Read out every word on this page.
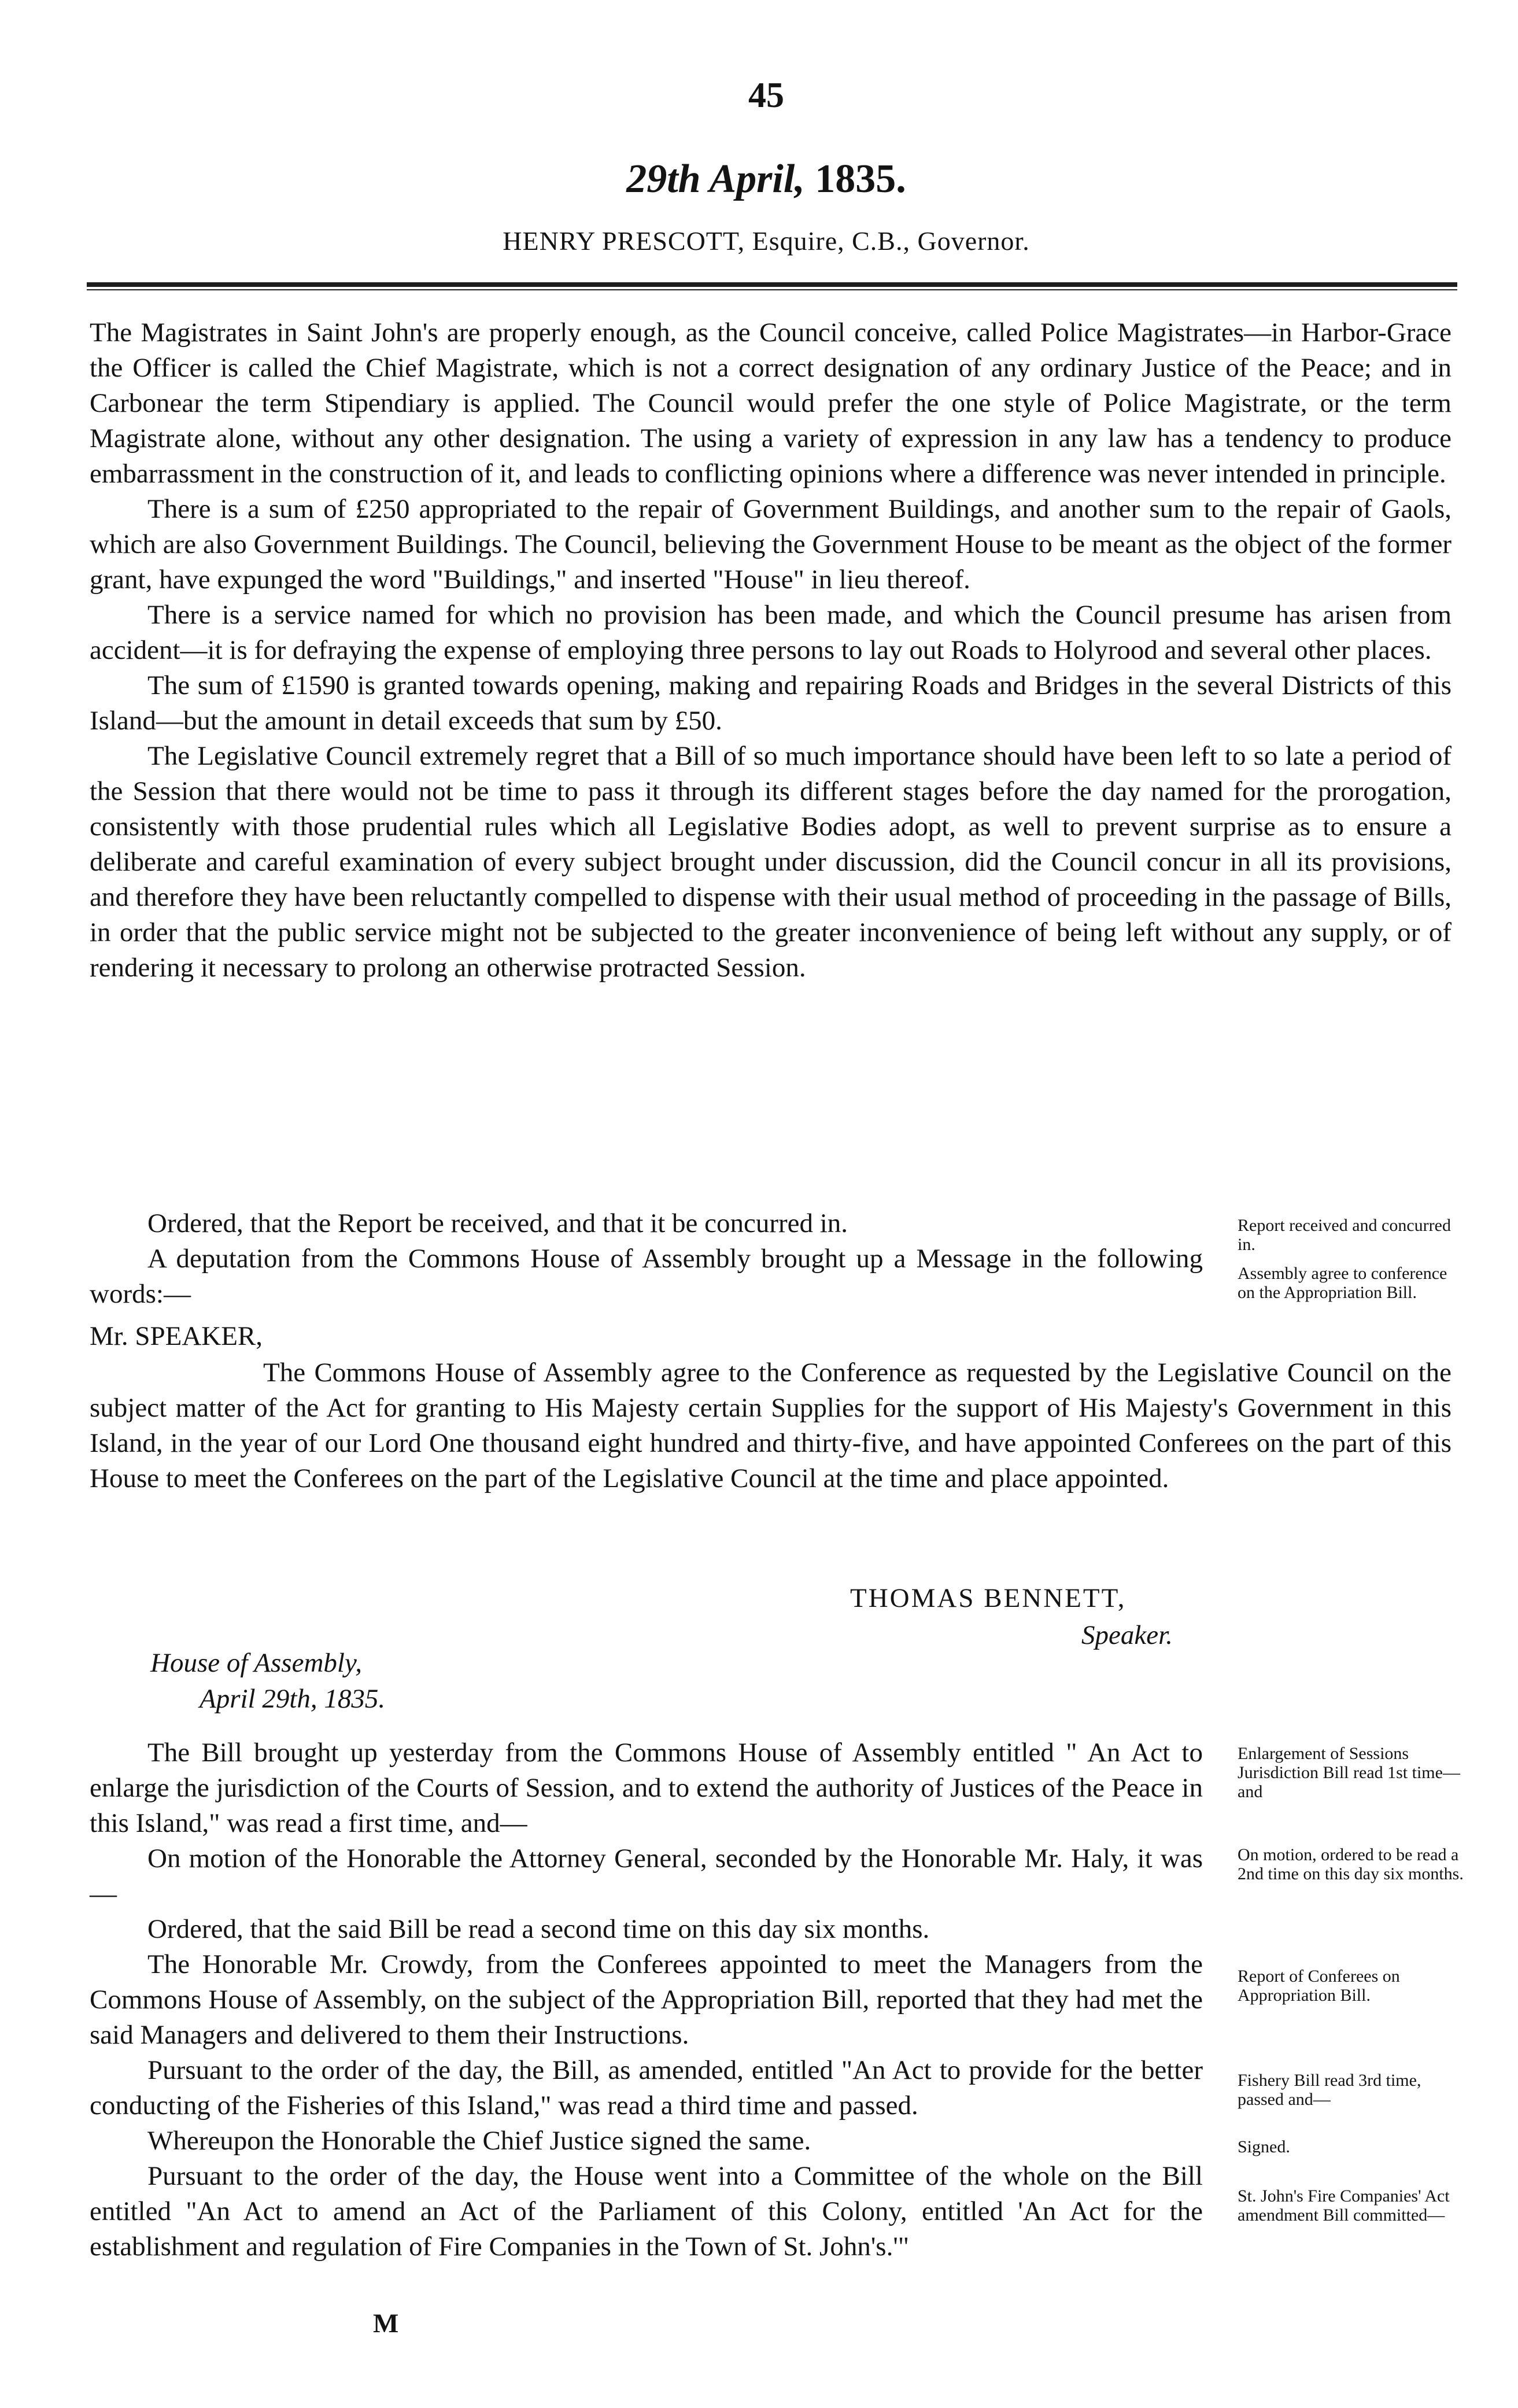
45
29th April, 1835.
HENRY PRESCOTT, Esquire, C.B., Governor.

The Magistrates in Saint John's are properly enough, as the Council conceive, called Police Magistrates—in Harbor-Grace the Officer is called the Chief Magistrate, which is not a correct designation of any ordinary Justice of the Peace; and in Carbonear the term Stipendiary is applied. The Council would prefer the one style of Police Magistrate, or the term Magistrate alone, without any other designation. The using a variety of expression in any law has a tendency to produce embarrassment in the construction of it, and leads to conflicting opinions where a difference was never intended in principle.

There is a sum of £250 appropriated to the repair of Government Buildings, and another sum to the repair of Gaols, which are also Government Buildings. The Council, believing the Government House to be meant as the object of the former grant, have expunged the word "Buildings," and inserted "House" in lieu thereof.

There is a service named for which no provision has been made, and which the Council presume has arisen from accident—it is for defraying the expense of employing three persons to lay out Roads to Holyrood and several other places.

The sum of £1590 is granted towards opening, making and repairing Roads and Bridges in the several Districts of this Island—but the amount in detail exceeds that sum by £50.

The Legislative Council extremely regret that a Bill of so much importance should have been left to so late a period of the Session that there would not be time to pass it through its different stages before the day named for the prorogation, consistently with those prudential rules which all Legislative Bodies adopt, as well to prevent surprise as to ensure a deliberate and careful examination of every subject brought under discussion, did the Council concur in all its provisions, and therefore they have been reluctantly compelled to dispense with their usual method of proceeding in the passage of Bills, in order that the public service might not be subjected to the greater inconvenience of being left without any supply, or of rendering it necessary to prolong an otherwise protracted Session.

Ordered, that the Report be received, and that it be concurred in.

A deputation from the Commons House of Assembly brought up a Message in the following words:—

Report received and concurred in.
Assembly agree to conference on the Appropriation Bill.
Mr. SPEAKER,

The Commons House of Assembly agree to the Conference as requested by the Legislative Council on the subject matter of the Act for granting to His Majesty certain Supplies for the support of His Majesty's Government in this Island, in the year of our Lord One thousand eight hundred and thirty-five, and have appointed Conferees on the part of this House to meet the Conferees on the part of the Legislative Council at the time and place appointed.

THOMAS BENNETT,
Speaker.
House of Assembly,
April 29th, 1835.

The Bill brought up yesterday from the Commons House of Assembly entitled " An Act to enlarge the jurisdiction of the Courts of Session, and to extend the authority of Justices of the Peace in this Island," was read a first time, and—

On motion of the Honorable the Attorney General, seconded by the Honorable Mr. Haly, it was—

Ordered, that the said Bill be read a second time on this day six months.

The Honorable Mr. Crowdy, from the Conferees appointed to meet the Managers from the Commons House of Assembly, on the subject of the Appropriation Bill, reported that they had met the said Managers and delivered to them their Instructions.

Pursuant to the order of the day, the Bill, as amended, entitled "An Act to provide for the better conducting of the Fisheries of this Island," was read a third time and passed.

Whereupon the Honorable the Chief Justice signed the same.

Pursuant to the order of the day, the House went into a Committee of the whole on the Bill entitled "An Act to amend an Act of the Parliament of this Colony, entitled 'An Act for the establishment and regulation of Fire Companies in the Town of St. John's.'"

Enlargement of Sessions Jurisdiction Bill read 1st time—and
On motion, ordered to be read a 2nd time on this day six months.
Report of Conferees on Appropriation Bill.
Fishery Bill read 3rd time, passed and—
Signed.
St. John's Fire Companies' Act amendment Bill committed—
M
